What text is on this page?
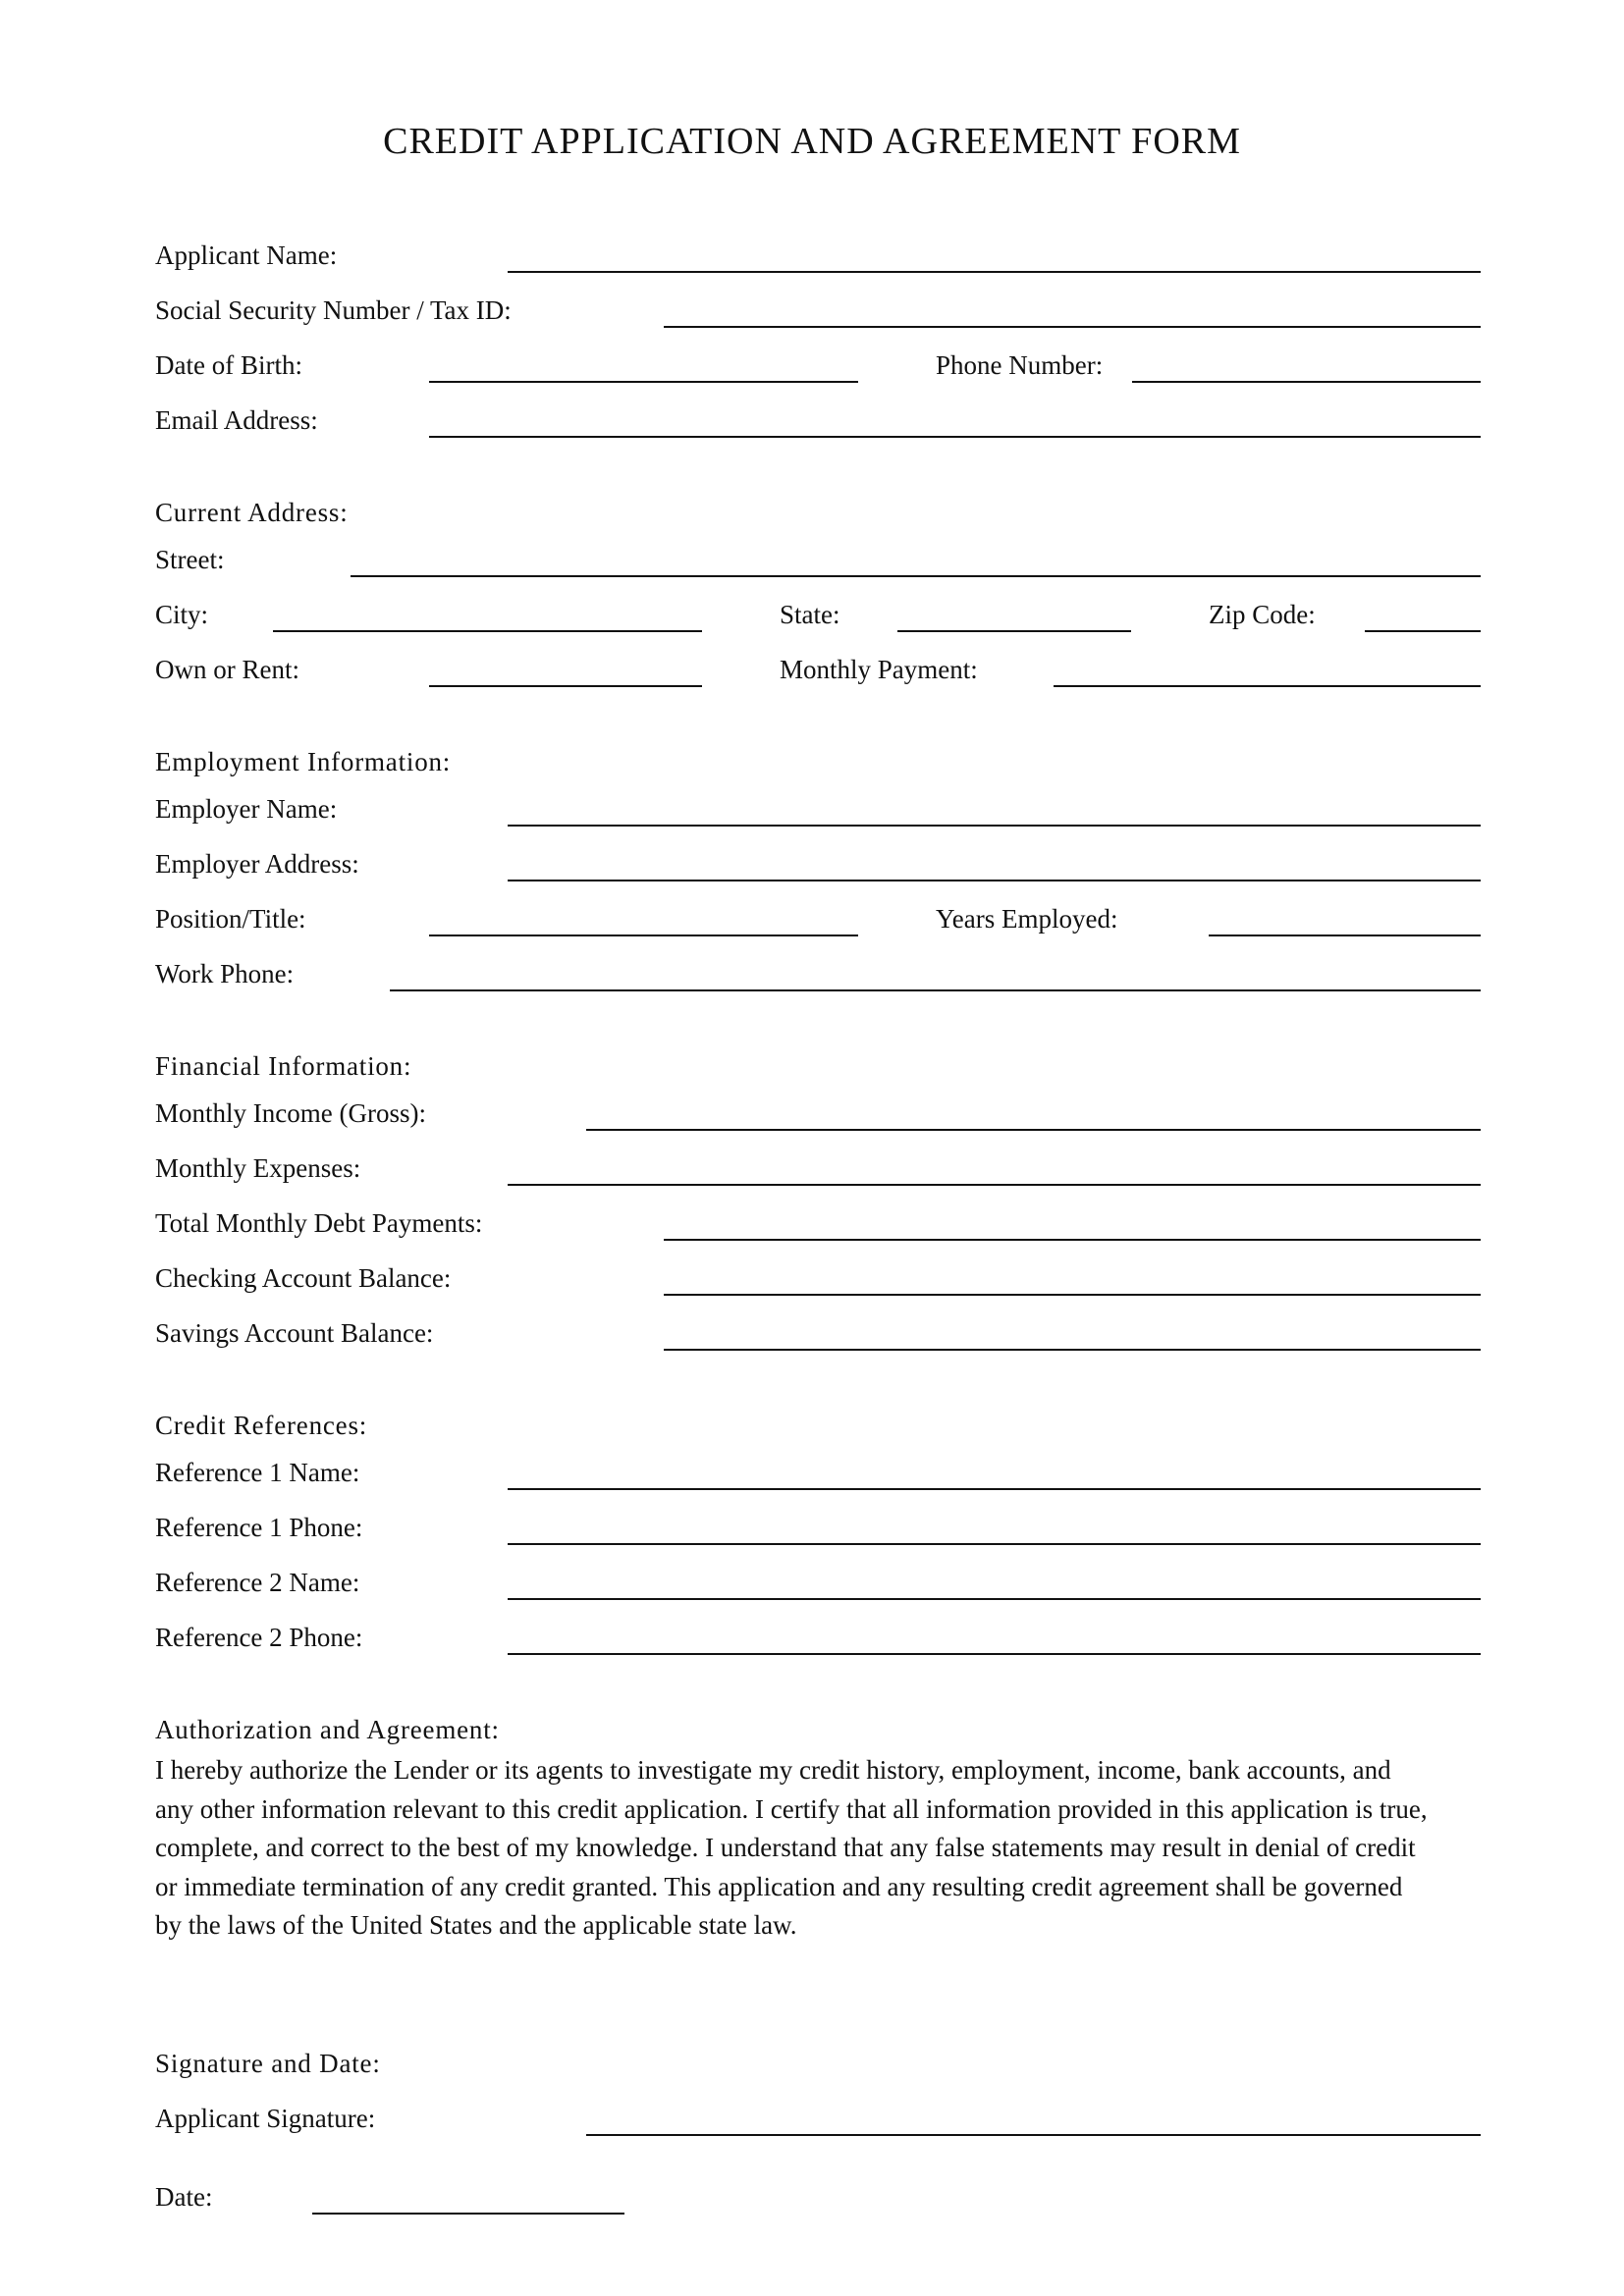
CREDIT APPLICATION AND AGREEMENT FORM
Applicant Name:
Social Security Number / Tax ID:
Date of Birth:	Phone Number:
Email Address:
Current Address:
Street:
City:	State:	Zip Code:
Own or Rent:	Monthly Payment:
Employment Information:
Employer Name:
Employer Address:
Position/Title:	Years Employed:
Work Phone:
Financial Information:
Monthly Income (Gross):
Monthly Expenses:
Total Monthly Debt Payments:
Checking Account Balance:
Savings Account Balance:
Credit References:
Reference 1 Name:
Reference 1 Phone:
Reference 2 Name:
Reference 2 Phone:
Authorization and Agreement:
I hereby authorize the Lender or its agents to investigate my credit history, employment, income, bank accounts, and
any other information relevant to this credit application. I certify that all information provided in this application is true,
complete, and correct to the best of my knowledge. I understand that any false statements may result in denial of credit
or immediate termination of any credit granted. This application and any resulting credit agreement shall be governed
by the laws of the United States and the applicable state law.
Signature and Date:
Applicant Signature:
Date:
